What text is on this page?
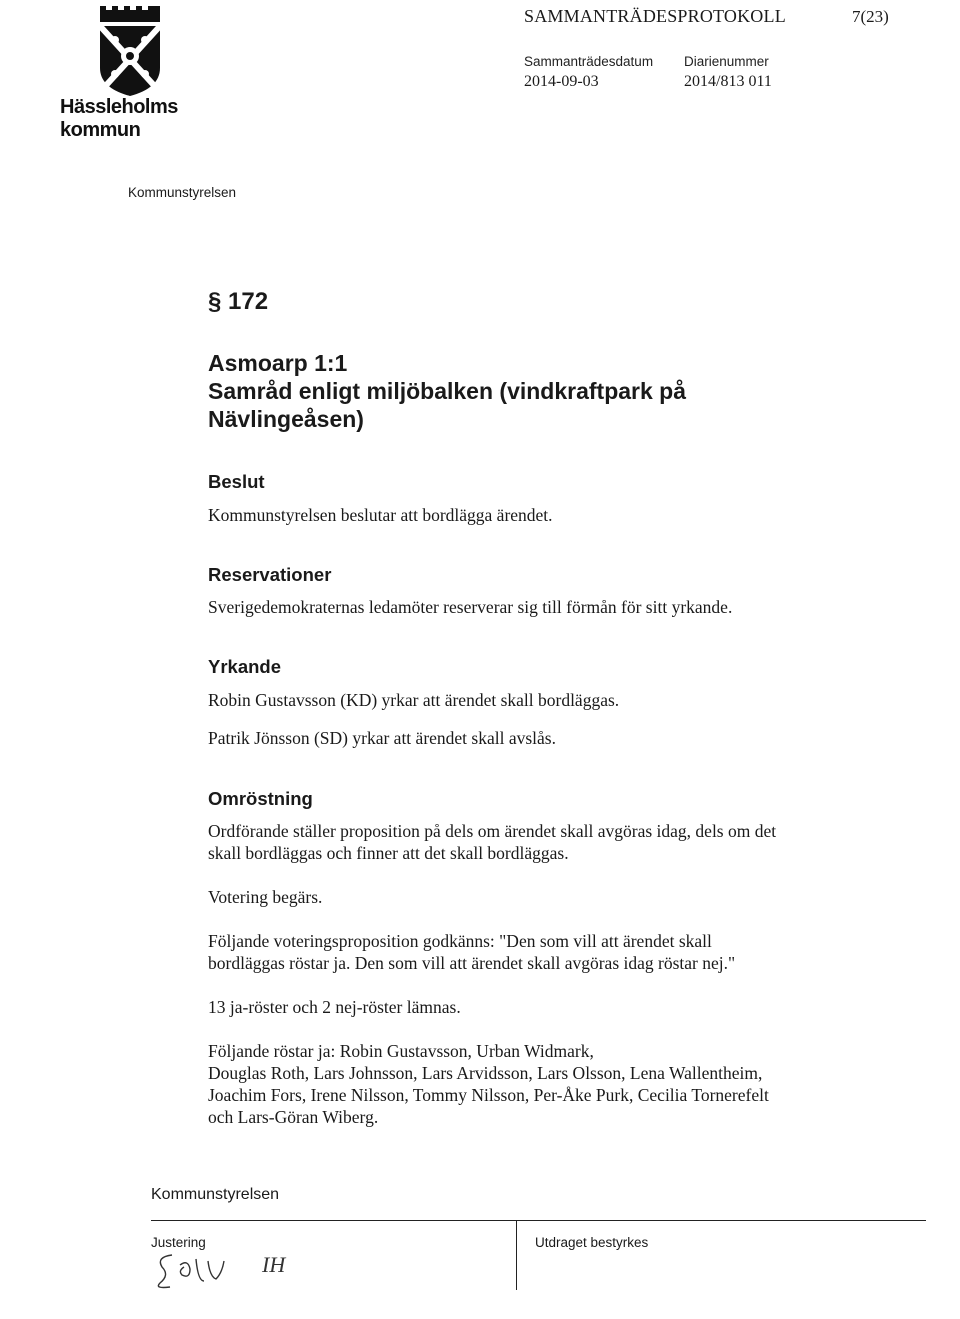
Hässleholms
kommun
SAMMANTRÄDESPROTOKOLL	7(23)
Sammanträdesdatum
2014-09-03
Diarienummer
2014/813 011
Kommunstyrelsen
§ 172
Asmoarp 1:1
Samråd enligt miljöbalken (vindkraftpark på
Nävlingeåsen)
Beslut
Kommunstyrelsen beslutar att bordlägga ärendet.
Reservationer
Sverigedemokraternas ledamöter reserverar sig till förmån för sitt yrkande.
Yrkande
Robin Gustavsson (KD) yrkar att ärendet skall bordläggas.
Patrik Jönsson (SD) yrkar att ärendet skall avslås.
Omröstning
Ordförande ställer proposition på dels om ärendet skall avgöras idag, dels om det
skall bordläggas och finner att det skall bordläggas.
Votering begärs.
Följande voteringsproposition godkänns: "Den som vill att ärendet skall
bordläggas röstar ja. Den som vill att ärendet skall avgöras idag röstar nej."
13 ja-röster och 2 nej-röster lämnas.
Följande röstar ja: Robin Gustavsson, Urban Widmark,
Douglas Roth, Lars Johnsson, Lars Arvidsson, Lars Olsson, Lena Wallentheim,
Joachim Fors, Irene Nilsson, Tommy Nilsson, Per-Åke Purk, Cecilia Tornerefelt
och Lars-Göran Wiberg.
Kommunstyrelsen
Justering	Utdraget bestyrkes
IH
